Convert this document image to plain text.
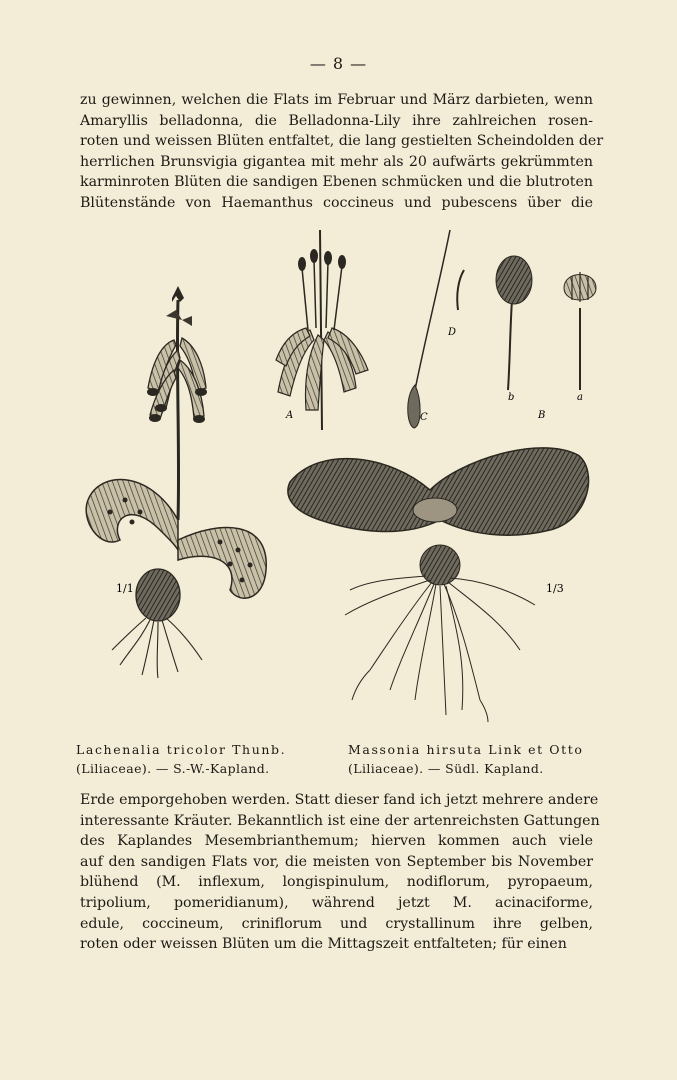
— 8 —

zu gewinnen, welchen die Flats im Februar und März darbieten, wenn
Amaryllis belladonna, die Belladonna-Lily ihre zahlreichen rosen-
roten und weissen Blüten entfaltet, die lang gestielten Scheindolden der
herrlichen Brunsvigia gigantea mit mehr als 20 aufwärts gekrümmten
karminroten Blüten die sandigen Ebenen schmücken und die blutroten
Blütenstände von Haemanthus coccineus und pubescens über die

A	C
D
b
B
a
1/1	1/3
Lachenalia tricolor Thunb.
(Liliaceae). — S.-W.-Kapland.
Massonia hirsuta Link et Otto
(Liliaceae). — Südl. Kapland.

Erde emporgehoben werden. Statt dieser fand ich jetzt mehrere andere
interessante Kräuter. Bekanntlich ist eine der artenreichsten Gattungen
des Kaplandes Mesembrianthemum; hierven kommen auch viele
auf den sandigen Flats vor, die meisten von September bis November
blühend (M. inflexum, longispinulum, nodiflorum, pyropaeum,
tripolium, pomeridianum), während jetzt M. acinaciforme,
edule, coccineum, criniflorum und crystallinum ihre gelben,
roten oder weissen Blüten um die Mittagszeit entfalteten; für einen
